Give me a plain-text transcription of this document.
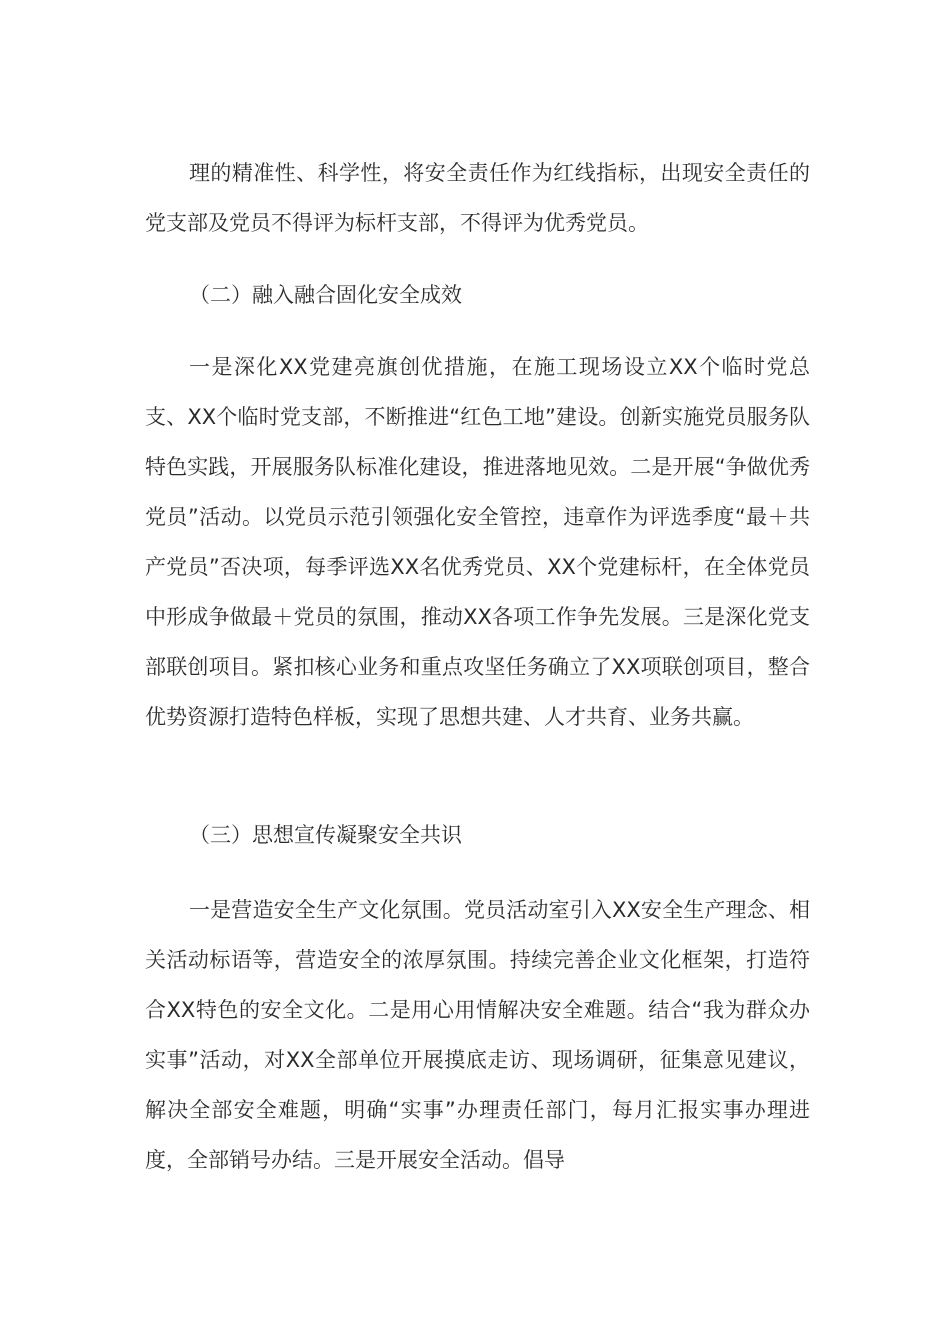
理的精准性、科学性，将安全责任作为红线指标，出现安全责任的党支部及党员不得评为标杆支部，不得评为优秀党员。

（二）融入融合固化安全成效

一是深化XX党建亮旗创优措施，在施工现场设立XX个临时党总支、XX个临时党支部，不断推进“红色工地”建设。创新实施党员服务队特色实践，开展服务队标准化建设，推进落地见效。二是开展“争做优秀党员”活动。以党员示范引领强化安全管控，违章作为评选季度“最＋共产党员”否决项，每季评选XX名优秀党员、XX个党建标杆，在全体党员中形成争做最＋党员的氛围，推动XX各项工作争先发展。三是深化党支部联创项目。紧扣核心业务和重点攻坚任务确立了XX项联创项目，整合优势资源打造特色样板，实现了思想共建、人才共育、业务共赢。

（三）思想宣传凝聚安全共识

一是营造安全生产文化氛围。党员活动室引入XX安全生产理念、相关活动标语等，营造安全的浓厚氛围。持续完善企业文化框架，打造符合XX特色的安全文化。二是用心用情解决安全难题。结合“我为群众办实事”活动，对XX全部单位开展摸底走访、现场调研，征集意见建议，解决全部安全难题，明确“实事”办理责任部门，每月汇报实事办理进度，全部销号办结。三是开展安全活动。倡导
